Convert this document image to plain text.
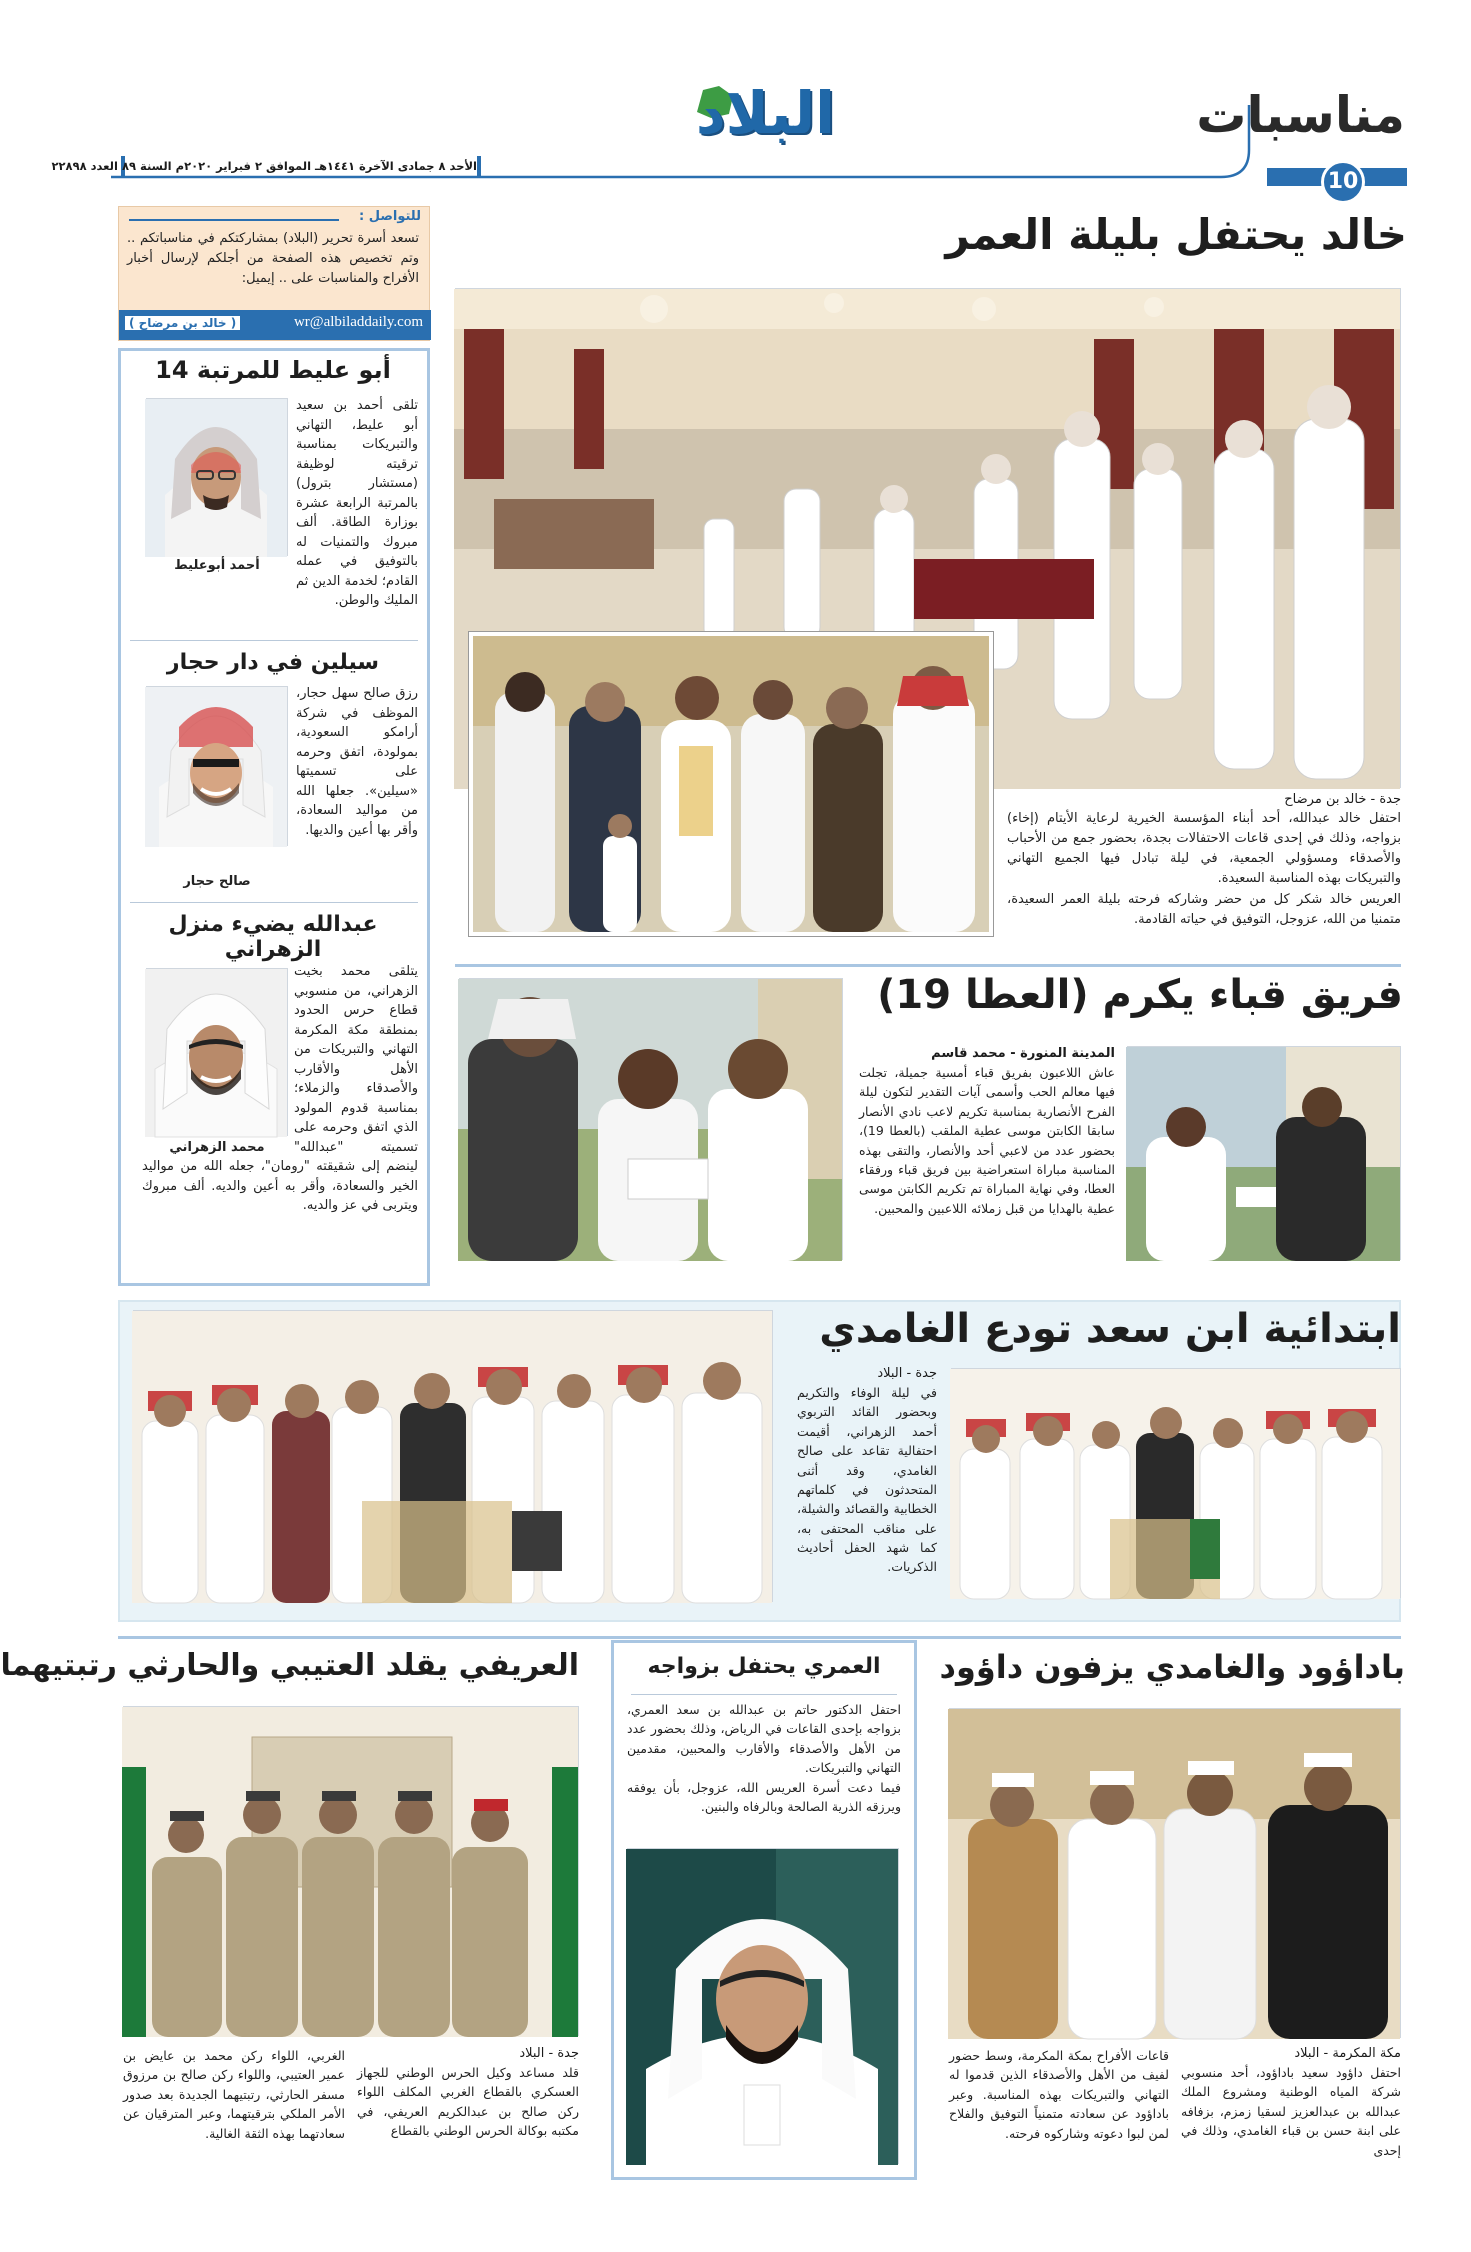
مناسبات
10
البلاد
الأحد ٨ جمادى الآخرة ١٤٤١هـ الموافق ٢ فبراير ٢٠٢٠م السنة ٨٩ العدد ٢٢٨٩٨
للتواصل :
تسعد أسرة تحرير (البلاد) بمشاركتكم في مناسباتكم .. وتم تخصيص هذه الصفحة من أجلكم لإرسال أخبار الأفراح والمناسبات على .. إيميل:
wr@albiladdaily.com
( خالد بن مرضاح )
أبو عليط للمرتبة 14
أحمد أبوعليط
تلقى أحمد بن سعيد أبو عليط، التهاني والتبريكات بمناسبة ترقيته لوظيفة (مستشار بترول) بالمرتبة الرابعة عشرة بوزارة الطاقة. ألف مبروك والتمنيات له بالتوفيق في عمله القادم؛ لخدمة الدين ثم المليك والوطن.
سيلين في دار حجار
صالح حجار
رزق صالح سهل حجار، الموظف في شركة أرامكو السعودية، بمولودة، اتفق وحرمه على تسميتها «سيلين». جعلها الله من مواليد السعادة، وأقر بها أعين والديها.
عبدالله يضيء منزل الزهراني
محمد الزهراني
يتلقى محمد بخيت الزهراني، من منسوبي قطاع حرس الحدود بمنطقة مكة المكرمة التهاني والتبريكات من الأهل والأقارب والأصدقاء والزملاء؛ بمناسبة قدوم المولود الذي اتفق وحرمه على تسميته "عبدالله" لينضم إلى شقيقته "رومان"، جعله الله من مواليد الخير والسعادة، وأقر به أعين والديه. ألف مبروك ويتربى في عز والديه.
خالد يحتفل بليلة العمر
جدة - خالد بن مرضاح
احتفل خالد عبدالله، أحد أبناء المؤسسة الخيرية لرعاية الأيتام (إخاء) بزواجه، وذلك في إحدى قاعات الاحتفالات بجدة، بحضور جمع من الأحباب والأصدقاء ومسؤولي الجمعية، في ليلة تبادل فيها الجميع التهاني والتبريكات بهذه المناسبة السعيدة.
العريس خالد شكر كل من حضر وشاركه فرحته بليلة العمر السعيدة، متمنيا من الله، عزوجل، التوفيق في حياته القادمة.
فريق قباء يكرم (العطا 19)
المدينة المنورة - محمد قاسم
عاش اللاعبون بفريق قباء أمسية جميلة، تجلت فيها معالم الحب وأسمى آيات التقدير لتكون ليلة الفرح الأنصارية بمناسبة تكريم لاعب نادي الأنصار سابقا الكابتن موسى عطية الملقب (بالعطا 19)، بحضور عدد من لاعبي أحد والأنصار، والتقى بهذه المناسبة مباراة استعراضية بين فريق قباء ورفقاء العطا، وفي نهاية المباراة تم تكريم الكابتن موسى عطية بالهدايا من قبل زملائه اللاعبين والمحبين.
ابتدائية ابن سعد تودع الغامدي
جدة - البلاد
في ليلة الوفاء والتكريم وبحضور القائد التربوي أحمد الزهراني، أقيمت احتفالية تقاعد على صالح الغامدي، وقد أثنى المتحدثون في كلماتهم الخطابية والقصائد والشيلة، على مناقب المحتفى به، كما شهد الحفل أحاديث الذكريات.
باداؤود والغامدي يزفون داؤود
مكة المكرمة - البلاد
احتفل داؤود سعيد باداؤود، أحد منسوبي شركة المياه الوطنية ومشروع الملك عبدالله بن عبدالعزيز لسقيا زمزم، بزفافه على ابنة حسن بن قباء الغامدي، وذلك في إحدى
قاعات الأفراح بمكة المكرمة، وسط حضور لفيف من الأهل والأصدقاء الذين قدموا له التهاني والتبريكات بهذه المناسبة. وعبر باداؤود عن سعادته متمنياً التوفيق والفلاح لمن لبوا دعوته وشاركوه فرحته.
العمري يحتفل بزواجه
احتفل الدكتور حاتم بن عبدالله بن سعد العمري، بزواجه بإحدى القاعات في الرياض، وذلك بحضور عدد من الأهل والأصدقاء والأقارب والمحبين، مقدمين التهاني والتبريكات.
فيما دعت أسرة العريس الله، عزوجل، بأن يوفقه ويرزقه الذرية الصالحة وبالرفاه والبنين.
العريفي يقلد العتيبي والحارثي رتبتيهما
جدة - البلاد
قلد مساعد وكيل الحرس الوطني للجهاز العسكري بالقطاع الغربي المكلف اللواء ركن صالح بن عبدالكريم العريفي، في مكتبه بوكالة الحرس الوطني بالقطاع
الغربي، اللواء ركن محمد بن عايض بن عمير العتيبي، واللواء ركن صالح بن مرزوق مسفر الحارثي، رتبتيهما الجديدة بعد صدور الأمر الملكي بترقيتهما، وعبر المترقيان عن سعادتهما بهذه الثقة الغالية.
